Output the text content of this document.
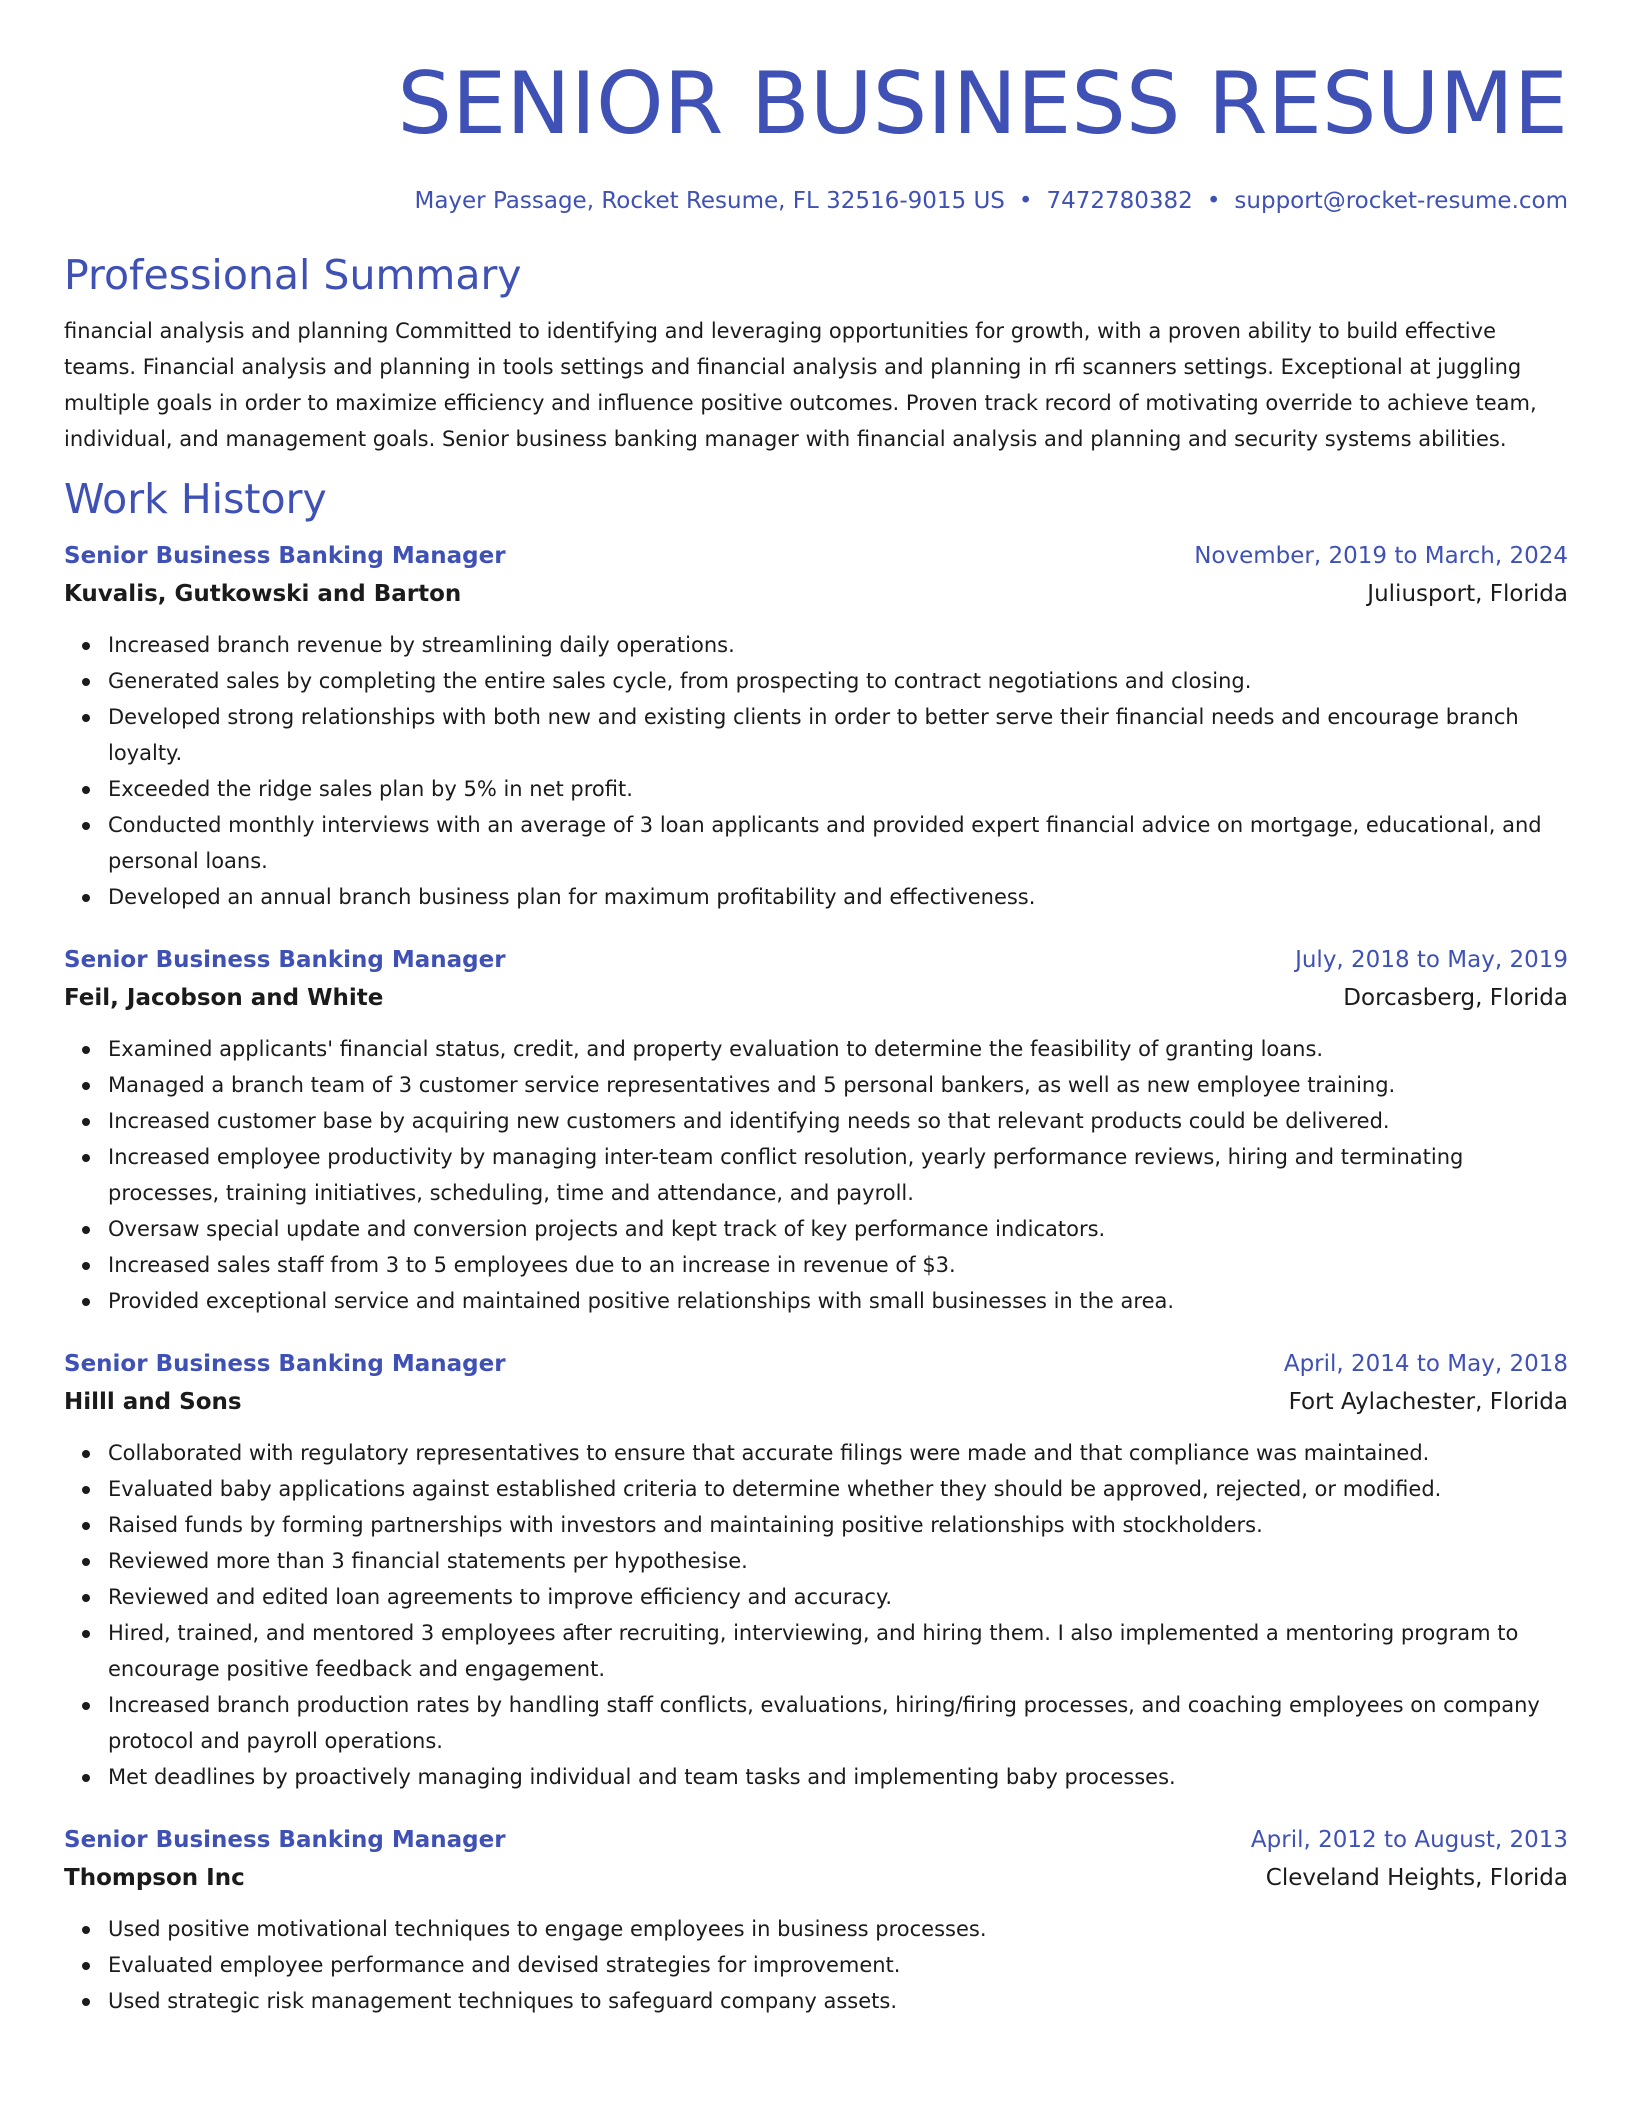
SENIOR BUSINESS RESUME
Mayer Passage, Rocket Resume, FL 32516-9015 US • 7472780382 • support@rocket-resume.com
Professional Summary

financial analysis and planning Committed to identifying and leveraging opportunities for growth, with a proven ability to build effective teams. Financial analysis and planning in tools settings and financial analysis and planning in rfi scanners settings. Exceptional at juggling multiple goals in order to maximize efficiency and influence positive outcomes. Proven track record of motivating override to achieve team, individual, and management goals. Senior business banking manager with financial analysis and planning and security systems abilities.

Work History
Senior Business Banking Manager	November, 2019 to March, 2024
Kuvalis, Gutkowski and Barton	Juliusport, Florida
Increased branch revenue by streamlining daily operations.
Generated sales by completing the entire sales cycle, from prospecting to contract negotiations and closing.
Developed strong relationships with both new and existing clients in order to better serve their financial needs and encourage branch loyalty.
Exceeded the ridge sales plan by 5% in net profit.
Conducted monthly interviews with an average of 3 loan applicants and provided expert financial advice on mortgage, educational, and personal loans.
Developed an annual branch business plan for maximum profitability and effectiveness.
Senior Business Banking Manager	July, 2018 to May, 2019
Feil, Jacobson and White	Dorcasberg, Florida
Examined applicants' financial status, credit, and property evaluation to determine the feasibility of granting loans.
Managed a branch team of 3 customer service representatives and 5 personal bankers, as well as new employee training.
Increased customer base by acquiring new customers and identifying needs so that relevant products could be delivered.
Increased employee productivity by managing inter-team conflict resolution, yearly performance reviews, hiring and terminating processes, training initiatives, scheduling, time and attendance, and payroll.
Oversaw special update and conversion projects and kept track of key performance indicators.
Increased sales staff from 3 to 5 employees due to an increase in revenue of $3.
Provided exceptional service and maintained positive relationships with small businesses in the area.
Senior Business Banking Manager	April, 2014 to May, 2018
Hilll and Sons	Fort Aylachester, Florida
Collaborated with regulatory representatives to ensure that accurate filings were made and that compliance was maintained.
Evaluated baby applications against established criteria to determine whether they should be approved, rejected, or modified.
Raised funds by forming partnerships with investors and maintaining positive relationships with stockholders.
Reviewed more than 3 financial statements per hypothesise.
Reviewed and edited loan agreements to improve efficiency and accuracy.
Hired, trained, and mentored 3 employees after recruiting, interviewing, and hiring them. I also implemented a mentoring program to encourage positive feedback and engagement.
Increased branch production rates by handling staff conflicts, evaluations, hiring/firing processes, and coaching employees on company protocol and payroll operations.
Met deadlines by proactively managing individual and team tasks and implementing baby processes.
Senior Business Banking Manager	April, 2012 to August, 2013
Thompson Inc	Cleveland Heights, Florida
Used positive motivational techniques to engage employees in business processes.
Evaluated employee performance and devised strategies for improvement.
Used strategic risk management techniques to safeguard company assets.
